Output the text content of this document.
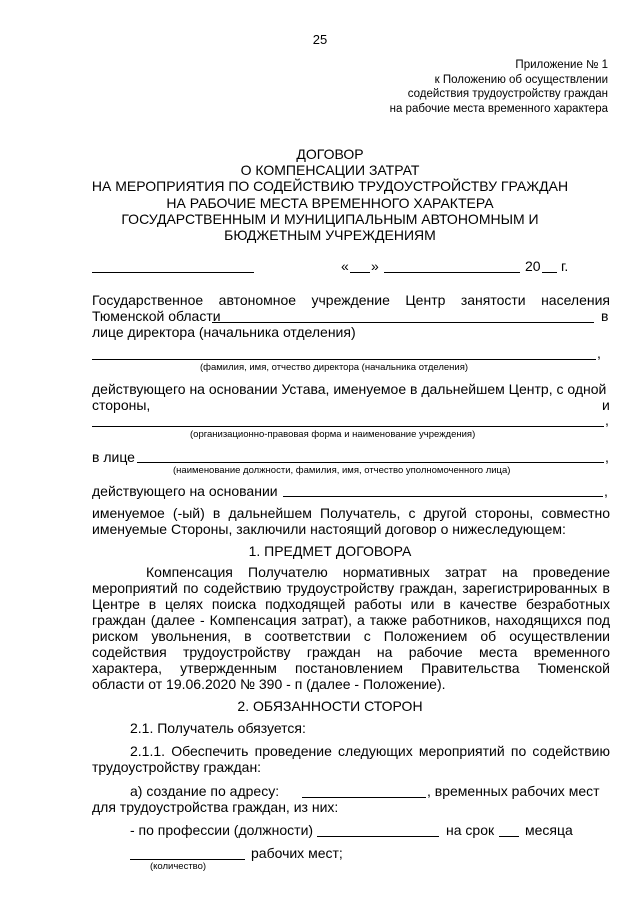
25
Приложение № 1
к Положению об осуществлении
содействия трудоустройству граждан
на рабочие места временного характера
ДОГОВОР
О КОМПЕНСАЦИИ ЗАТРАТ
НА МЕРОПРИЯТИЯ ПО СОДЕЙСТВИЮ ТРУДОУСТРОЙСТВУ ГРАЖДАН
НА РАБОЧИЕ МЕСТА ВРЕМЕННОГО ХАРАКТЕРА
ГОСУДАРСТВЕННЫМ И МУНИЦИПАЛЬНЫМ АВТОНОМНЫМ И
БЮДЖЕТНЫМ УЧРЕЖДЕНИЯМ
« »	20 г.
Государственное автономное учреждение Центр занятости населения
Тюменской области	в
лице директора (начальника отделения)
,
(фамилия, имя, отчество директора (начальника отделения)
действующего на основании Устава, именуемое в дальнейшем Центр, с одной
стороны,	и
,
(организационно-правовая форма и наименование учреждения)
в лице	,
(наименование должности, фамилия, имя, отчество уполномоченного лица)
действующего на основании	,
именуемое (-ый) в дальнейшем Получатель, с другой стороны, совместно
именуемые Стороны, заключили настоящий договор о нижеследующем:
1. ПРЕДМЕТ ДОГОВОРА
Компенсация Получателю нормативных затрат на проведение
мероприятий по содействию трудоустройству граждан, зарегистрированных в
Центре в целях поиска подходящей работы или в качестве безработных
граждан (далее - Компенсация затрат), а также работников, находящихся под
риском увольнения, в соответствии с Положением об осуществлении
содействия трудоустройству граждан на рабочие места временного
характера, утвержденным постановлением Правительства Тюменской
области от 19.06.2020 № 390 - п (далее - Положение).
2. ОБЯЗАННОСТИ СТОРОН
2.1. Получатель обязуется:
2.1.1. Обеспечить проведение следующих мероприятий по содействию
трудоустройству граждан:
а) создание по адресу:	, временных рабочих мест
для трудоустройства граждан, из них:
- по профессии (должности)	на срок месяца
рабочих мест;
(количество)
